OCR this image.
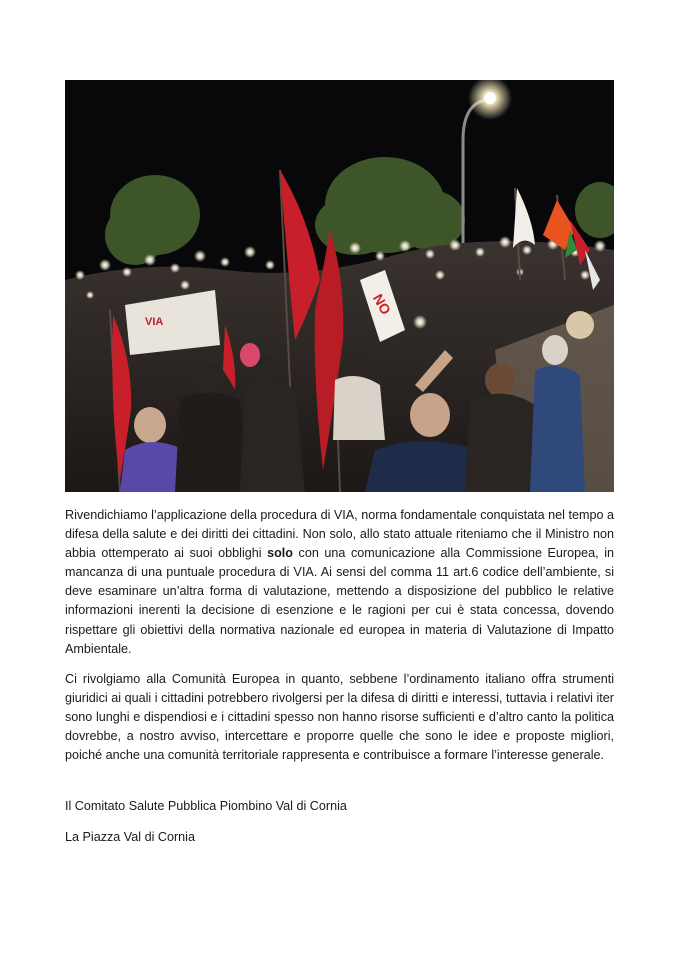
VIA
NO

Rivendichiamo l’applicazione della procedura di VIA, norma fondamentale conquistata nel tempo a difesa della salute e dei diritti dei cittadini. Non solo, allo stato attuale riteniamo che il Ministro non abbia ottemperato ai suoi obblighi solo con una comunicazione alla Commissione Europea, in mancanza di una puntuale procedura di VIA. Ai sensi del comma 11 art.6 codice dell’ambiente, si deve esaminare un’altra forma di valutazione, mettendo a disposizione del pubblico le relative informazioni inerenti la decisione di esenzione e le ragioni per cui è stata concessa, dovendo rispettare gli obiettivi della normativa nazionale ed europea in materia di Valutazione di Impatto Ambientale.

Ci rivolgiamo alla Comunità Europea in quanto, sebbene l’ordinamento italiano offra strumenti giuridici ai quali i cittadini potrebbero rivolgersi per la difesa di diritti e interessi, tuttavia i relativi iter sono lunghi e dispendiosi e i cittadini spesso non hanno risorse sufficienti e d’altro canto la politica dovrebbe, a nostro avviso, intercettare e proporre quelle che sono le idee e proposte migliori, poiché anche una comunità territoriale rappresenta e contribuisce a formare l’interesse generale.

Il Comitato Salute Pubblica Piombino Val di Cornia
La Piazza Val di Cornia
